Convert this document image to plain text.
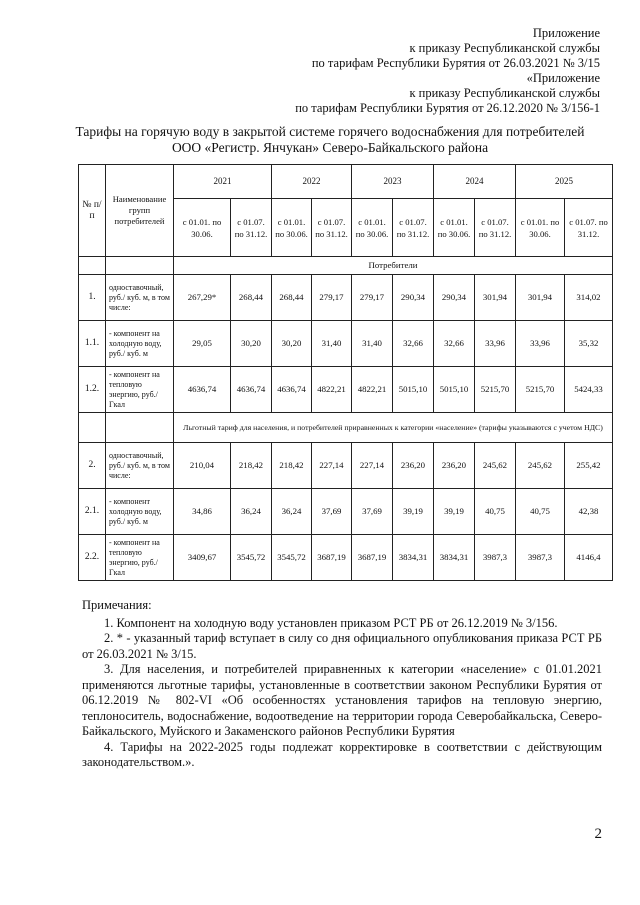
Приложение
к приказу Республиканской службы
по тарифам Республики Бурятия от 26.03.2021 № 3/15
«Приложение
к приказу Республиканской службы
по тарифам Республики Бурятия от 26.12.2020 № 3/156-1
Тарифы на горячую воду в закрытой системе горячего водоснабжения для потребителей
ООО «Регистр. Янчукан» Северо-Байкальского района
№ п/ п	Наименование групп потребителей	2021		2022		2023		2024		2025	
		с 01.01. по 30.06.	с 01.07. по 31.12.	с 01.01. по 30.06.	с 01.07. по 31.12.	с 01.01. по 30.06.	с 01.07. по 31.12.	с 01.01. по 30.06.	с 01.07. по 31.12.	с 01.01. по 30.06.	с 01.07. по 31.12.
		Потребители									
1.	одноставочный, руб./ куб. м, в том числе:	267,29*	268,44	268,44	279,17	279,17	290,34	290,34	301,94	301,94	314,02
1.1.	- компонент на холодную воду, руб./ куб. м	29,05	30,20	30,20	31,40	31,40	32,66	32,66	33,96	33,96	35,32
1.2.	- компонент на тепловую энергию, руб./Гкал	4636,74	4636,74	4636,74	4822,21	4822,21	5015,10	5015,10	5215,70	5215,70	5424,33
		Льготный тариф для населения, и потребителей приравненных к категории «население» (тарифы указываются с учетом НДС)									
2.	одноставочный, руб./ куб. м, в том числе:	210,04	218,42	218,42	227,14	227,14	236,20	236,20	245,62	245,62	255,42
2.1.	- компонент холодную воду, руб./ куб. м	34,86	36,24	36,24	37,69	37,69	39,19	39,19	40,75	40,75	42,38
2.2.	- компонент на тепловую энергию, руб./Гкал	3409,67	3545,72	3545,72	3687,19	3687,19	3834,31	3834,31	3987,3	3987,3	4146,4

Примечания:

1. Компонент на холодную воду установлен приказом РСТ РБ от 26.12.2019 № 3/156.

2. * - указанный тариф вступает в силу со дня официального опубликования приказа РСТ РБ от 26.03.2021 № 3/15.

3. Для населения, и потребителей приравненных к категории «население» с 01.01.2021 применяются льготные тарифы, установленные в соответствии законом Республики Бурятия от 06.12.2019 № 802-VI «Об особенностях установления тарифов на тепловую энергию, теплоноситель, водоснабжение, водоотведение на территории города Северобайкальска, Северо-Байкальского, Муйского и Закаменского районов Республики Бурятия

4. Тарифы на 2022-2025 годы подлежат корректировке в соответствии с действующим законодательством.».

2
